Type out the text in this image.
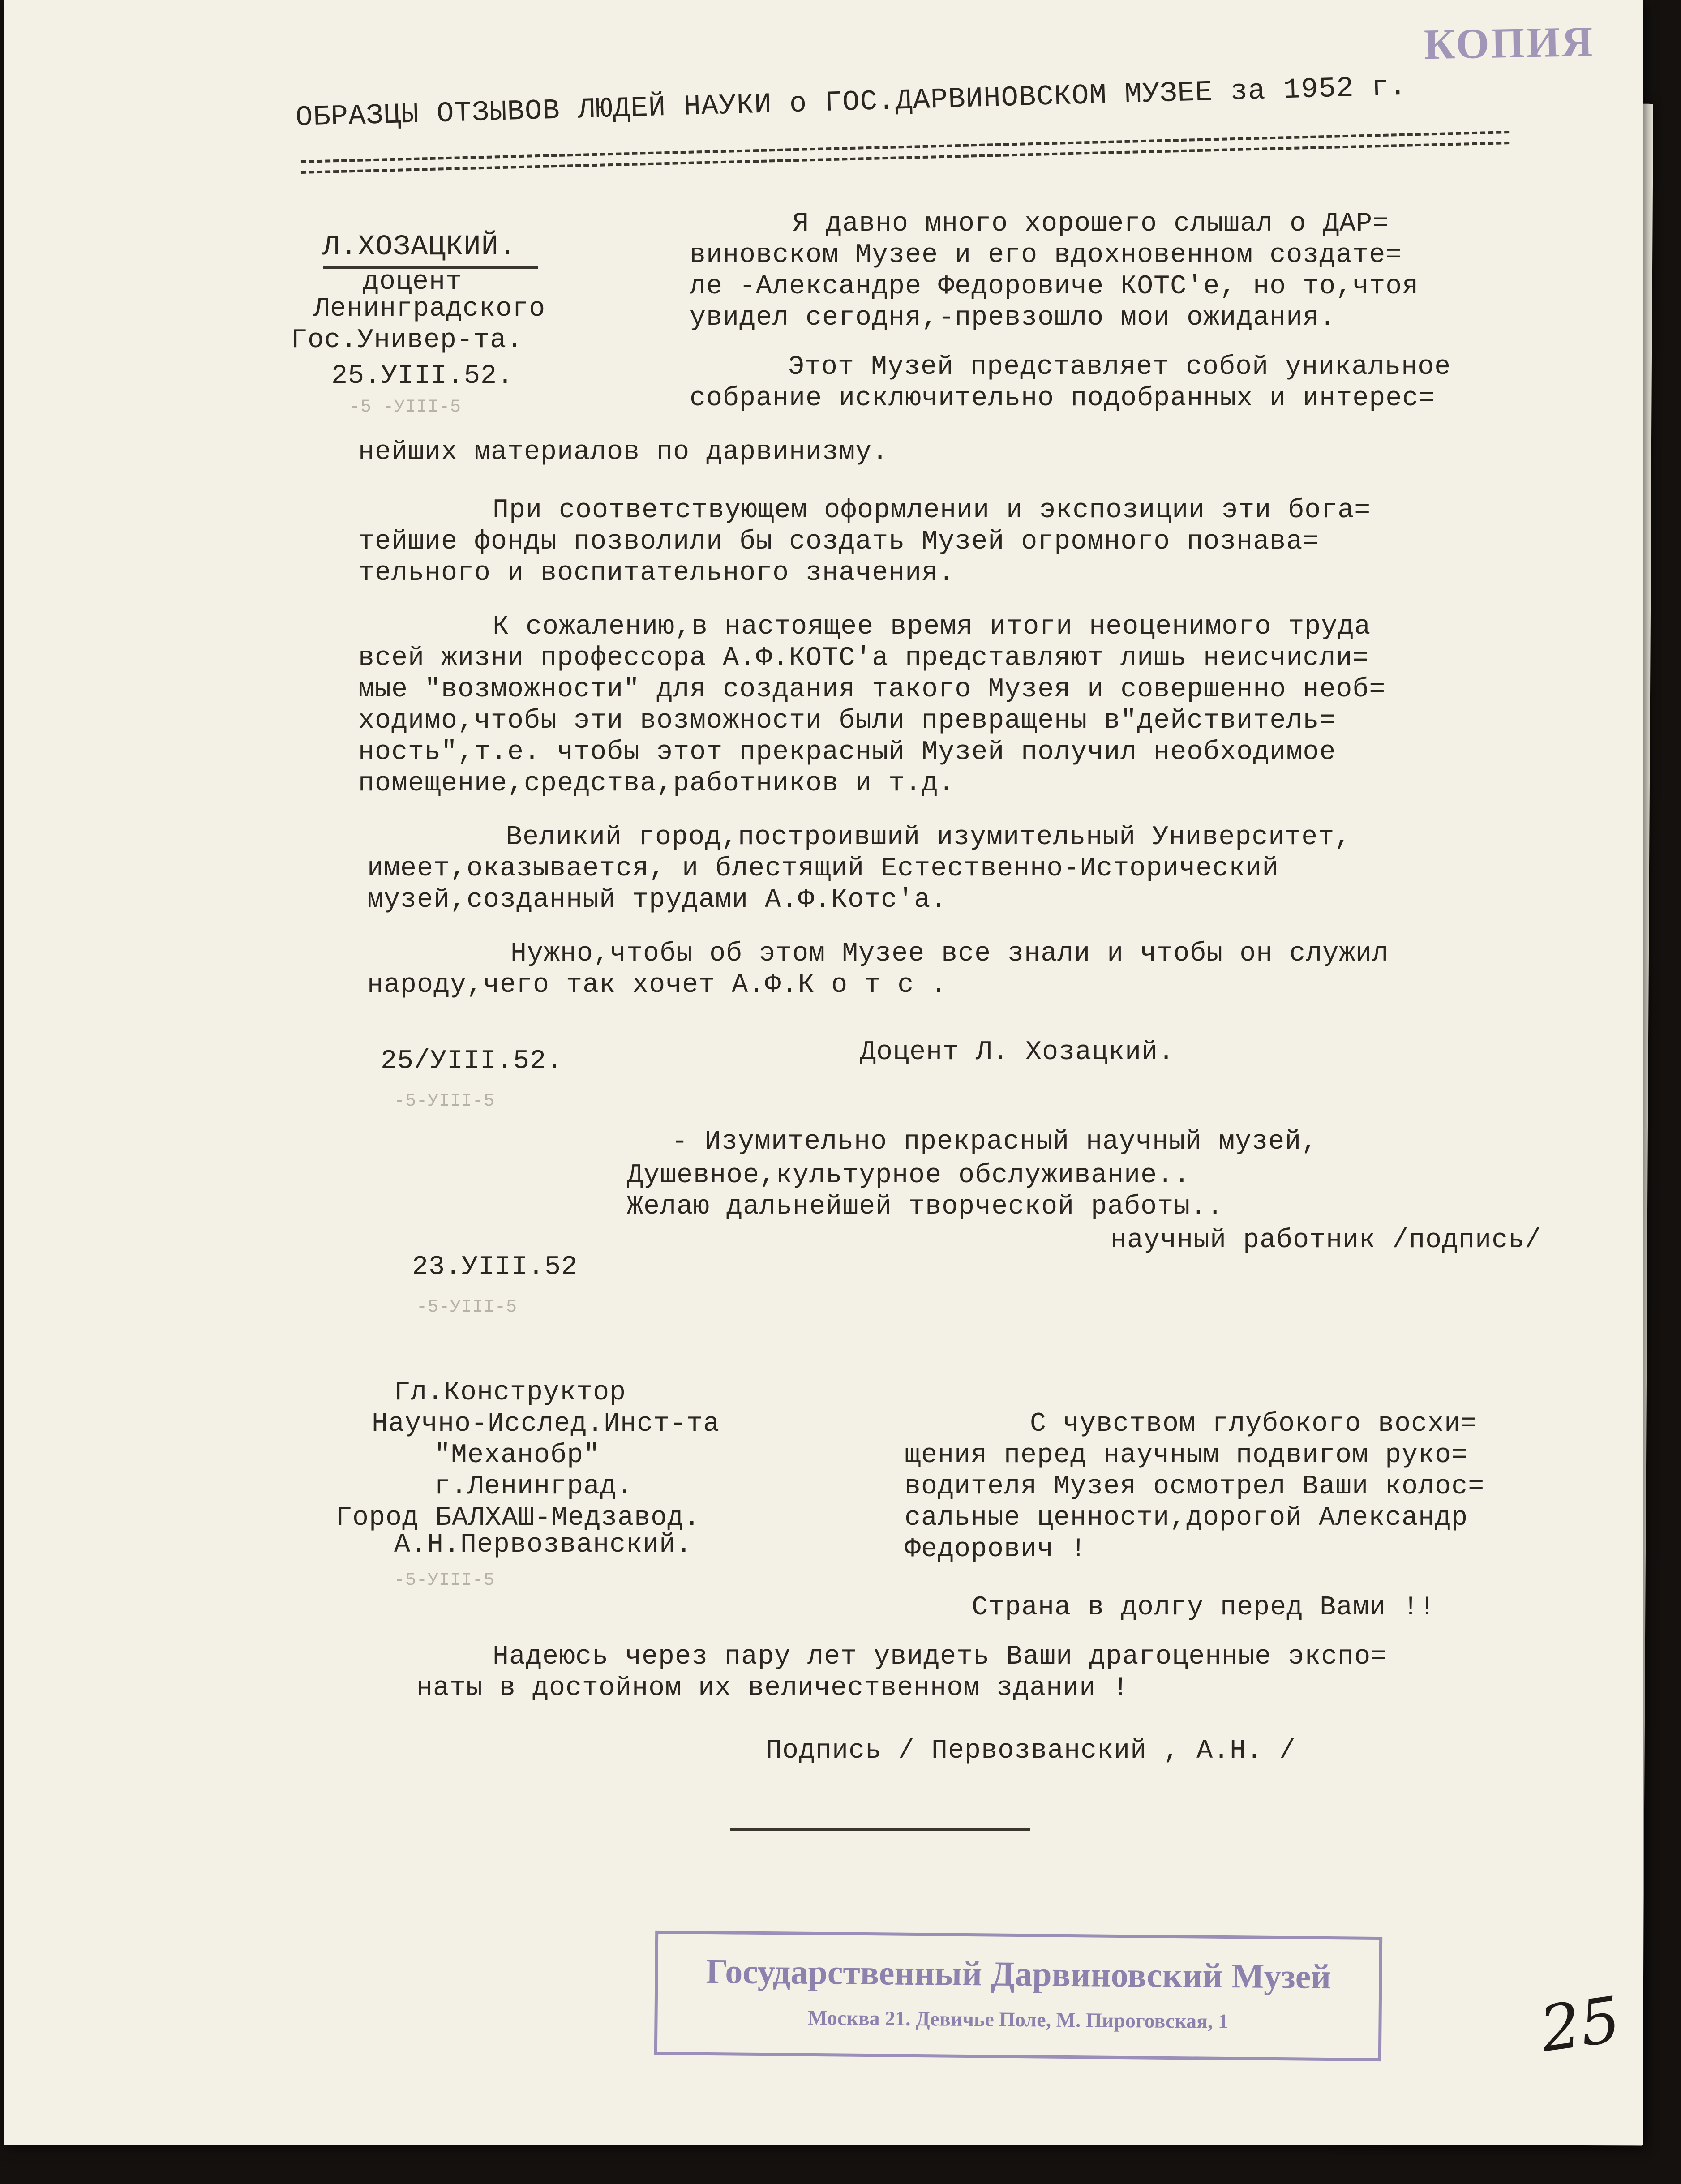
КОПИЯ
ОБРАЗЦЫ ОТЗЫВОВ ЛЮДЕЙ НАУКИ о ГОС.ДАРВИНОВСКОМ МУЗЕЕ за 1952 г.
Л.ХОЗАЦКИЙ.
доцент
Ленинградского
Гос.Универ-та.
25.УIII.52.
-5 -УIII-5
Я давно много хорошего слышал о ДАР=
виновском Музее и его вдохновенном создате=
ле -Александре Федоровиче КОТС'е, но то,чтоя
увидел сегодня,-превзошло мои ожидания.
Этот Музей представляет собой уникальное
собрание исключительно подобранных и интерес=
нейших материалов по дарвинизму.
При соответствующем оформлении и экспозиции эти бога=
тейшие фонды позволили бы создать Музей огромного познава=
тельного и воспитательного значения.
К сожалению,в настоящее время итоги неоценимого труда
всей жизни профессора А.Ф.КОТС'а представляют лишь неисчисли=
мые "возможности" для создания такого Музея и совершенно необ=
ходимо,чтобы эти возможности были превращены в"действитель=
ность",т.е. чтобы этот прекрасный Музей получил необходимое
помещение,средства,работников и т.д.
Великий город,построивший изумительный Университет,
имеет,оказывается, и блестящий Естественно-Исторический
музей,созданный трудами А.Ф.Котс'а.
Нужно,чтобы об этом Музее все знали и чтобы он служил
народу,чего так хочет А.Ф.К о т с .
25/УIII.52.	Доцент Л. Хозацкий.
-5-УIII-5
- Изумительно прекрасный научный музей,
Душевное,культурное обслуживание..
Желаю дальнейшей творческой работы..
научный работник /подпись/
23.УIII.52
-5-УIII-5
Гл.Конструктор
Научно-Исслед.Инст-та
"Механобр"
г.Ленинград.
Город БАЛХАШ-Медзавод.
А.Н.Первозванский.
-5-УIII-5
С чувством глубокого восхи=
щения перед научным подвигом руко=
водителя Музея осмотрел Ваши колос=
сальные ценности,дорогой Александр
Федорович !
Страна в долгу перед Вами !!
Надеюсь через пару лет увидеть Ваши драгоценные экспо=
наты в достойном их величественном здании !
Подпись / Первозванский , А.Н. /
Государственный Дарвиновский Музей
Москва 21. Девичье Поле, М. Пироговская, 1	25
